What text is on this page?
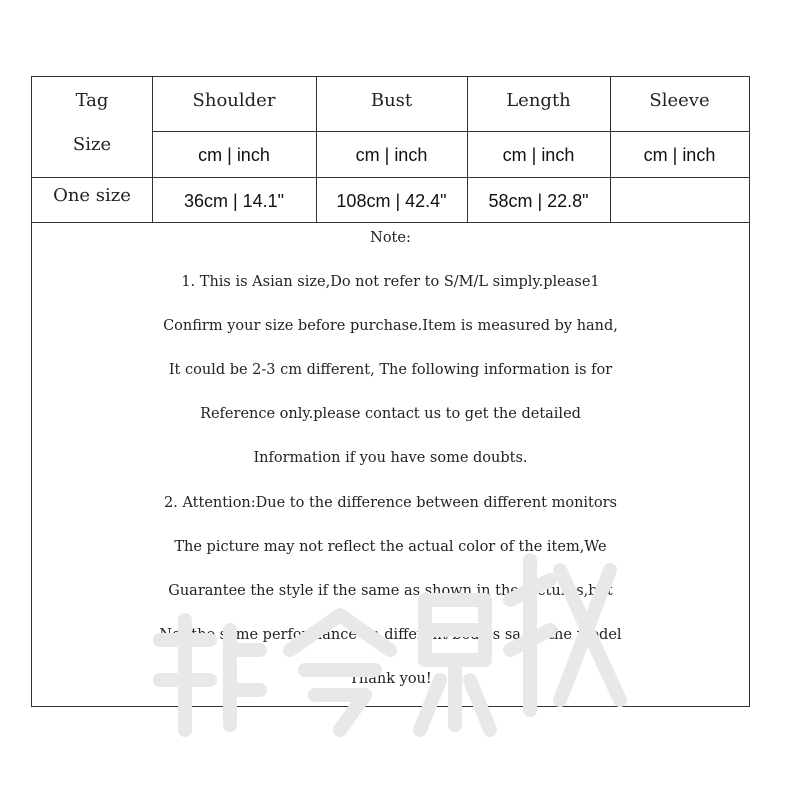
Tag
Size
Shoulder	Bust	Length	Sleeve
cm | inch	cm | inch	cm | inch	cm | inch
One size	36cm | 14.1"	108cm | 42.4"	58cm | 22.8"
Note:
1. This is Asian size,Do not refer to S/M/L simply.please1
Confirm your size before purchase.Item is measured by hand,
It could be 2-3 cm different, The following information is for
Reference only.please contact us to get the detailed
Information if you have some doubts.
2. Attention:Due to the difference between different monitors
The picture may not reflect the actual color of the item,We
Guarantee the style if the same as shown in the pictures,but
Not the same performance on different bodies sa on the model
Thank you!
